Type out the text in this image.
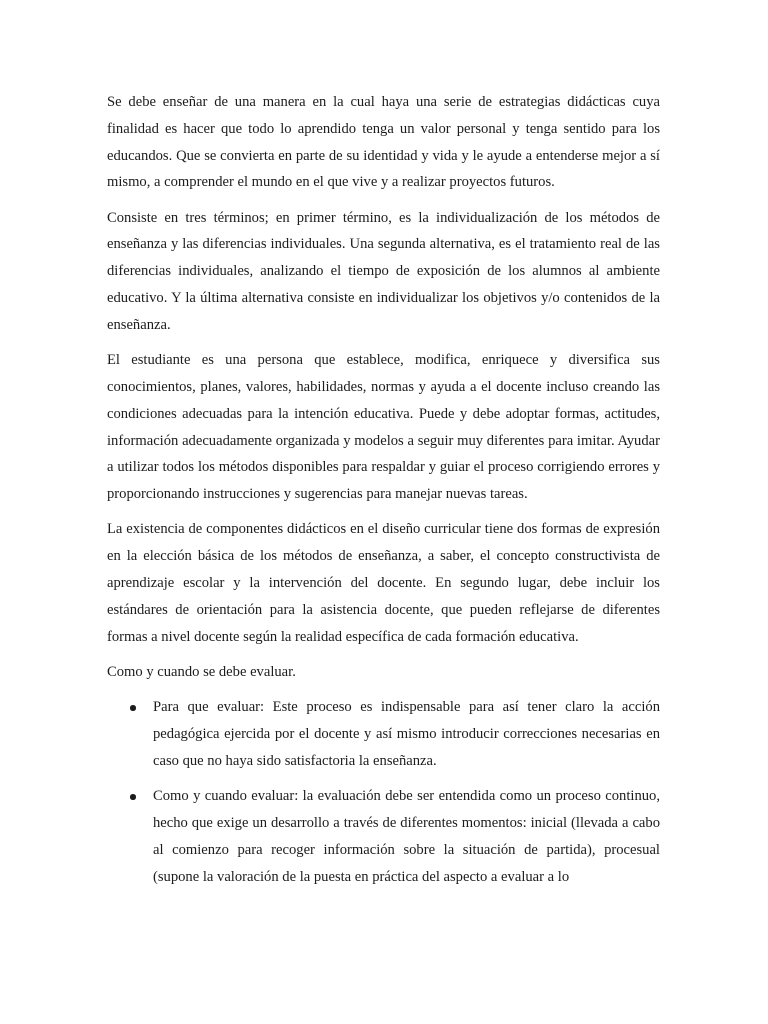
Se debe enseñar de una manera en la cual haya una serie de estrategias didácticas cuya finalidad es hacer que todo lo aprendido tenga un valor personal y tenga sentido para los educandos. Que se convierta en parte de su identidad y vida y le ayude a entenderse mejor a sí mismo, a comprender el mundo en el que vive y a realizar proyectos futuros.

Consiste en tres términos; en primer término, es la individualización de los métodos de enseñanza y las diferencias individuales. Una segunda alternativa, es el tratamiento real de las diferencias individuales, analizando el tiempo de exposición de los alumnos al ambiente educativo. Y la última alternativa consiste en individualizar los objetivos y/o contenidos de la enseñanza.

El estudiante es una persona que establece, modifica, enriquece y diversifica sus conocimientos, planes, valores, habilidades, normas y ayuda a el docente incluso creando las condiciones adecuadas para la intención educativa. Puede y debe adoptar formas, actitudes, información adecuadamente organizada y modelos a seguir muy diferentes para imitar. Ayudar a utilizar todos los métodos disponibles para respaldar y guiar el proceso corrigiendo errores y proporcionando instrucciones y sugerencias para manejar nuevas tareas.

La existencia de componentes didácticos en el diseño curricular tiene dos formas de expresión en la elección básica de los métodos de enseñanza, a saber, el concepto constructivista de aprendizaje escolar y la intervención del docente. En segundo lugar, debe incluir los estándares de orientación para la asistencia docente, que pueden reflejarse de diferentes formas a nivel docente según la realidad específica de cada formación educativa.

Como y cuando se debe evaluar.

Para que evaluar: Este proceso es indispensable para así tener claro la acción pedagógica ejercida por el docente y así mismo introducir correcciones necesarias en caso que no haya sido satisfactoria la enseñanza.
Como y cuando evaluar: la evaluación debe ser entendida como un proceso continuo, hecho que exige un desarrollo a través de diferentes momentos: inicial (llevada a cabo al comienzo para recoger información sobre la situación de partida), procesual (supone la valoración de la puesta en práctica del aspecto a evaluar a lo
